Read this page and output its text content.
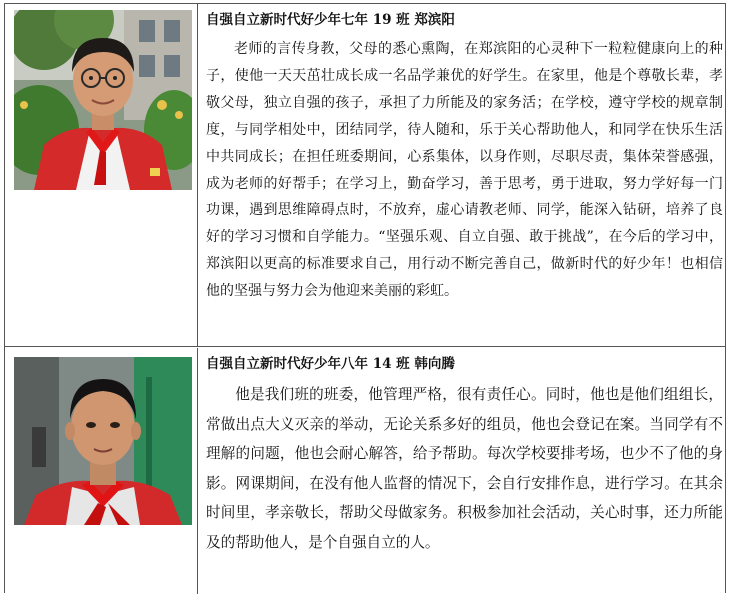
自强自立新时代好少年七年 19 班 郑滨阳
老师的言传身教，父母的悉心熏陶，在郑滨阳的心灵种下一粒粒健康向上的种子，使他一天天茁壮成长成一名品学兼优的好学生。在家里，他是个尊敬长辈，孝敬父母，独立自强的孩子，承担了力所能及的家务活；在学校，遵守学校的规章制度，与同学相处中，团结同学，待人随和，乐于关心帮助他人，和同学在快乐生活中共同成长；在担任班委期间，心系集体，以身作则，尽职尽责，集体荣誉感强，成为老师的好帮手；在学习上，勤奋学习，善于思考，勇于进取，努力学好每一门功课，遇到思维障碍点时，不放弃，虚心请教老师、同学，能深入钻研，培养了良好的学习习惯和自学能力。“坚强乐观、自立自强、敢于挑战”，在今后的学习中，郑滨阳以更高的标准要求自己，用行动不断完善自己，做新时代的好少年！也相信他的坚强与努力会为他迎来美丽的彩虹。
自强自立新时代好少年八年 14 班 韩向腾
他是我们班的班委，他管理严格，很有责任心。同时，他也是他们组组长，常做出点大义灭亲的举动，无论关系多好的组员，他也会登记在案。当同学有不理解的问题，他也会耐心解答，给予帮助。每次学校要排考场，也少不了他的身影。网课期间，在没有他人监督的情况下，会自行安排作息，进行学习。在其余时间里，孝亲敬长，帮助父母做家务。积极参加社会活动，关心时事，还力所能及的帮助他人，是个自强自立的人。
